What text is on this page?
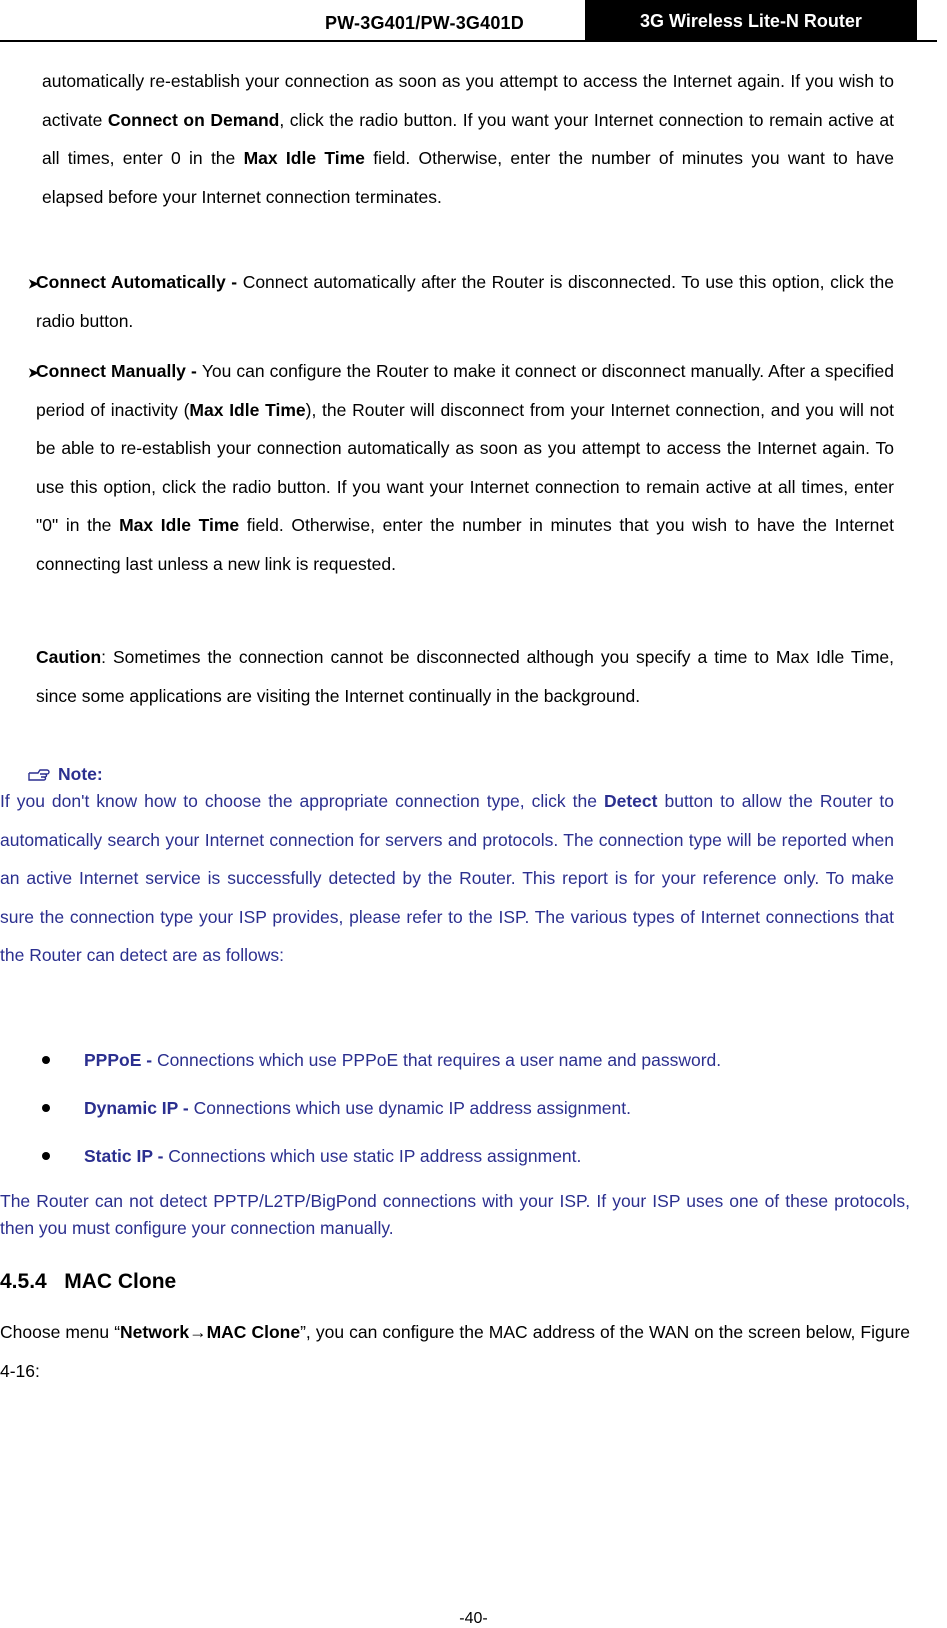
PW-3G401/PW-3G401D	3G Wireless Lite-N Router

automatically re-establish your connection as soon as you attempt to access the Internet again. If you wish to activate Connect on Demand, click the radio button. If you want your Internet connection to remain active at all times, enter 0 in the Max Idle Time field. Otherwise, enter the number of minutes you want to have elapsed before your Internet connection terminates.

➤

Connect Automatically - Connect automatically after the Router is disconnected. To use this option, click the radio button.

➤

Connect Manually - You can configure the Router to make it connect or disconnect manually. After a specified period of inactivity (Max Idle Time), the Router will disconnect from your Internet connection, and you will not be able to re-establish your connection automatically as soon as you attempt to access the Internet again. To use this option, click the radio button. If you want your Internet connection to remain active at all times, enter "0" in the Max Idle Time field. Otherwise, enter the number in minutes that you wish to have the Internet connecting last unless a new link is requested.

Caution: Sometimes the connection cannot be disconnected although you specify a time to Max Idle Time, since some applications are visiting the Internet continually in the background.

Note:

If you don't know how to choose the appropriate connection type, click the Detect button to allow the Router to automatically search your Internet connection for servers and protocols. The connection type will be reported when an active Internet service is successfully detected by the Router. This report is for your reference only. To make sure the connection type your ISP provides, please refer to the ISP. The various types of Internet connections that the Router can detect are as follows:

PPPoE - Connections which use PPPoE that requires a user name and password.

Dynamic IP - Connections which use dynamic IP address assignment.

Static IP - Connections which use static IP address assignment.

The Router can not detect PPTP/L2TP/BigPond connections with your ISP. If your ISP uses one of these protocols, then you must configure your connection manually.

4.5.4   MAC Clone

Choose menu “Network→MAC Clone”, you can configure the MAC address of the WAN on the screen below, Figure 4-16:

-40-
